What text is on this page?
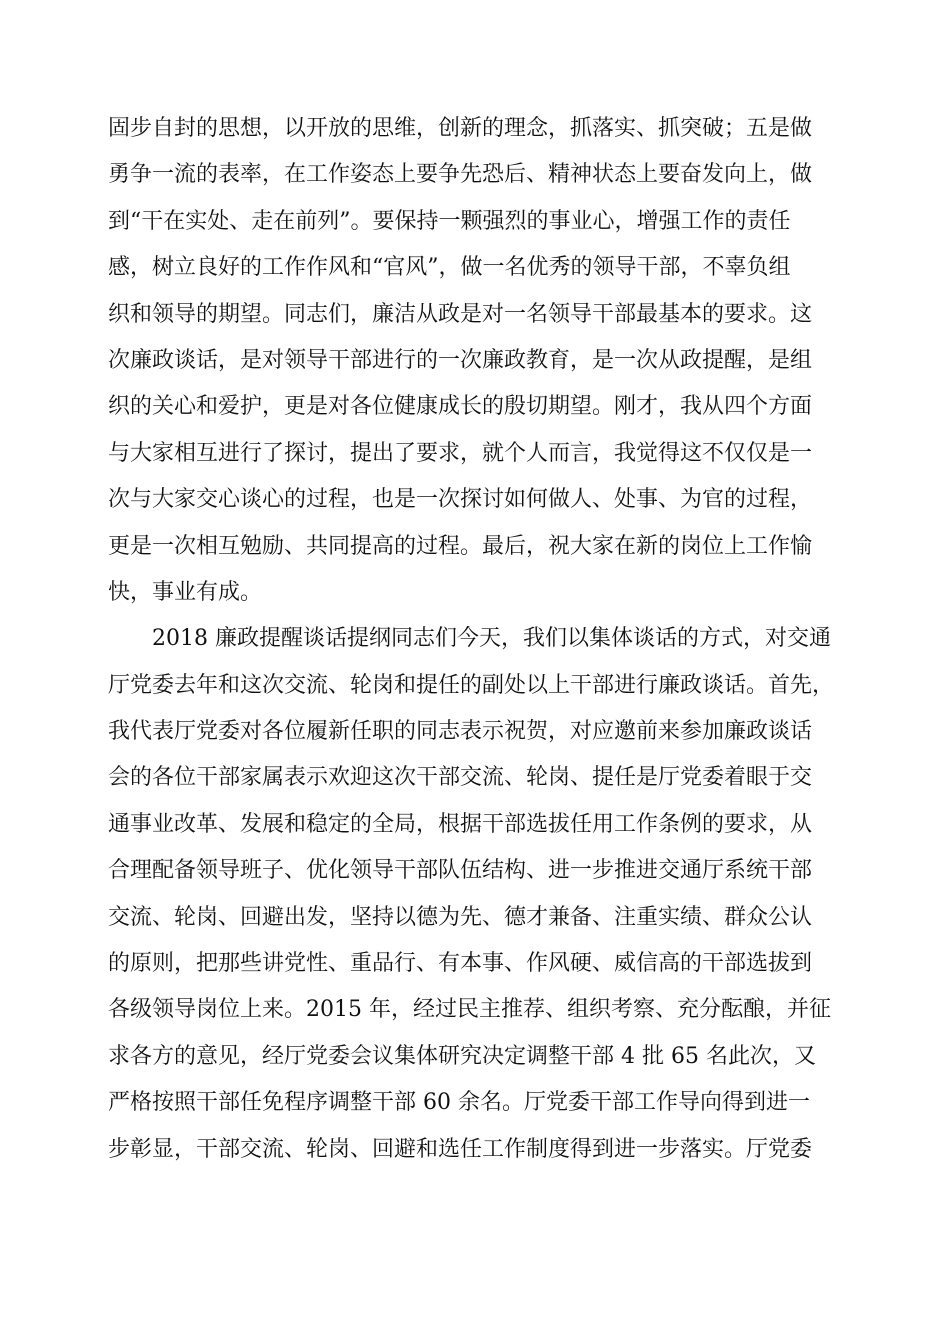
固步自封的思想，以开放的思维，创新的理念，抓落实、抓突破；五是做
勇争一流的表率，在工作姿态上要争先恐后、精神状态上要奋发向上，做
到“干在实处、走在前列”。要保持一颗强烈的事业心，增强工作的责任
感，树立良好的工作作风和“官风”，做一名优秀的领导干部，不辜负组
织和领导的期望。同志们，廉洁从政是对一名领导干部最基本的要求。这
次廉政谈话，是对领导干部进行的一次廉政教育，是一次从政提醒，是组
织的关心和爱护，更是对各位健康成长的殷切期望。刚才，我从四个方面
与大家相互进行了探讨，提出了要求，就个人而言，我觉得这不仅仅是一
次与大家交心谈心的过程，也是一次探讨如何做人、处事、为官的过程，
更是一次相互勉励、共同提高的过程。最后，祝大家在新的岗位上工作愉
快，事业有成。
2018 廉政提醒谈话提纲同志们今天，我们以集体谈话的方式，对交通
厅党委去年和这次交流、轮岗和提任的副处以上干部进行廉政谈话。首先，
我代表厅党委对各位履新任职的同志表示祝贺，对应邀前来参加廉政谈话
会的各位干部家属表示欢迎这次干部交流、轮岗、提任是厅党委着眼于交
通事业改革、发展和稳定的全局，根据干部选拔任用工作条例的要求，从
合理配备领导班子、优化领导干部队伍结构、进一步推进交通厅系统干部
交流、轮岗、回避出发，坚持以德为先、德才兼备、注重实绩、群众公认
的原则，把那些讲党性、重品行、有本事、作风硬、威信高的干部选拔到
各级领导岗位上来。2015 年，经过民主推荐、组织考察、充分酝酿，并征
求各方的意见，经厅党委会议集体研究决定调整干部 4 批 65 名此次，又
严格按照干部任免程序调整干部 60 余名。厅党委干部工作导向得到进一
步彰显，干部交流、轮岗、回避和选任工作制度得到进一步落实。厅党委
